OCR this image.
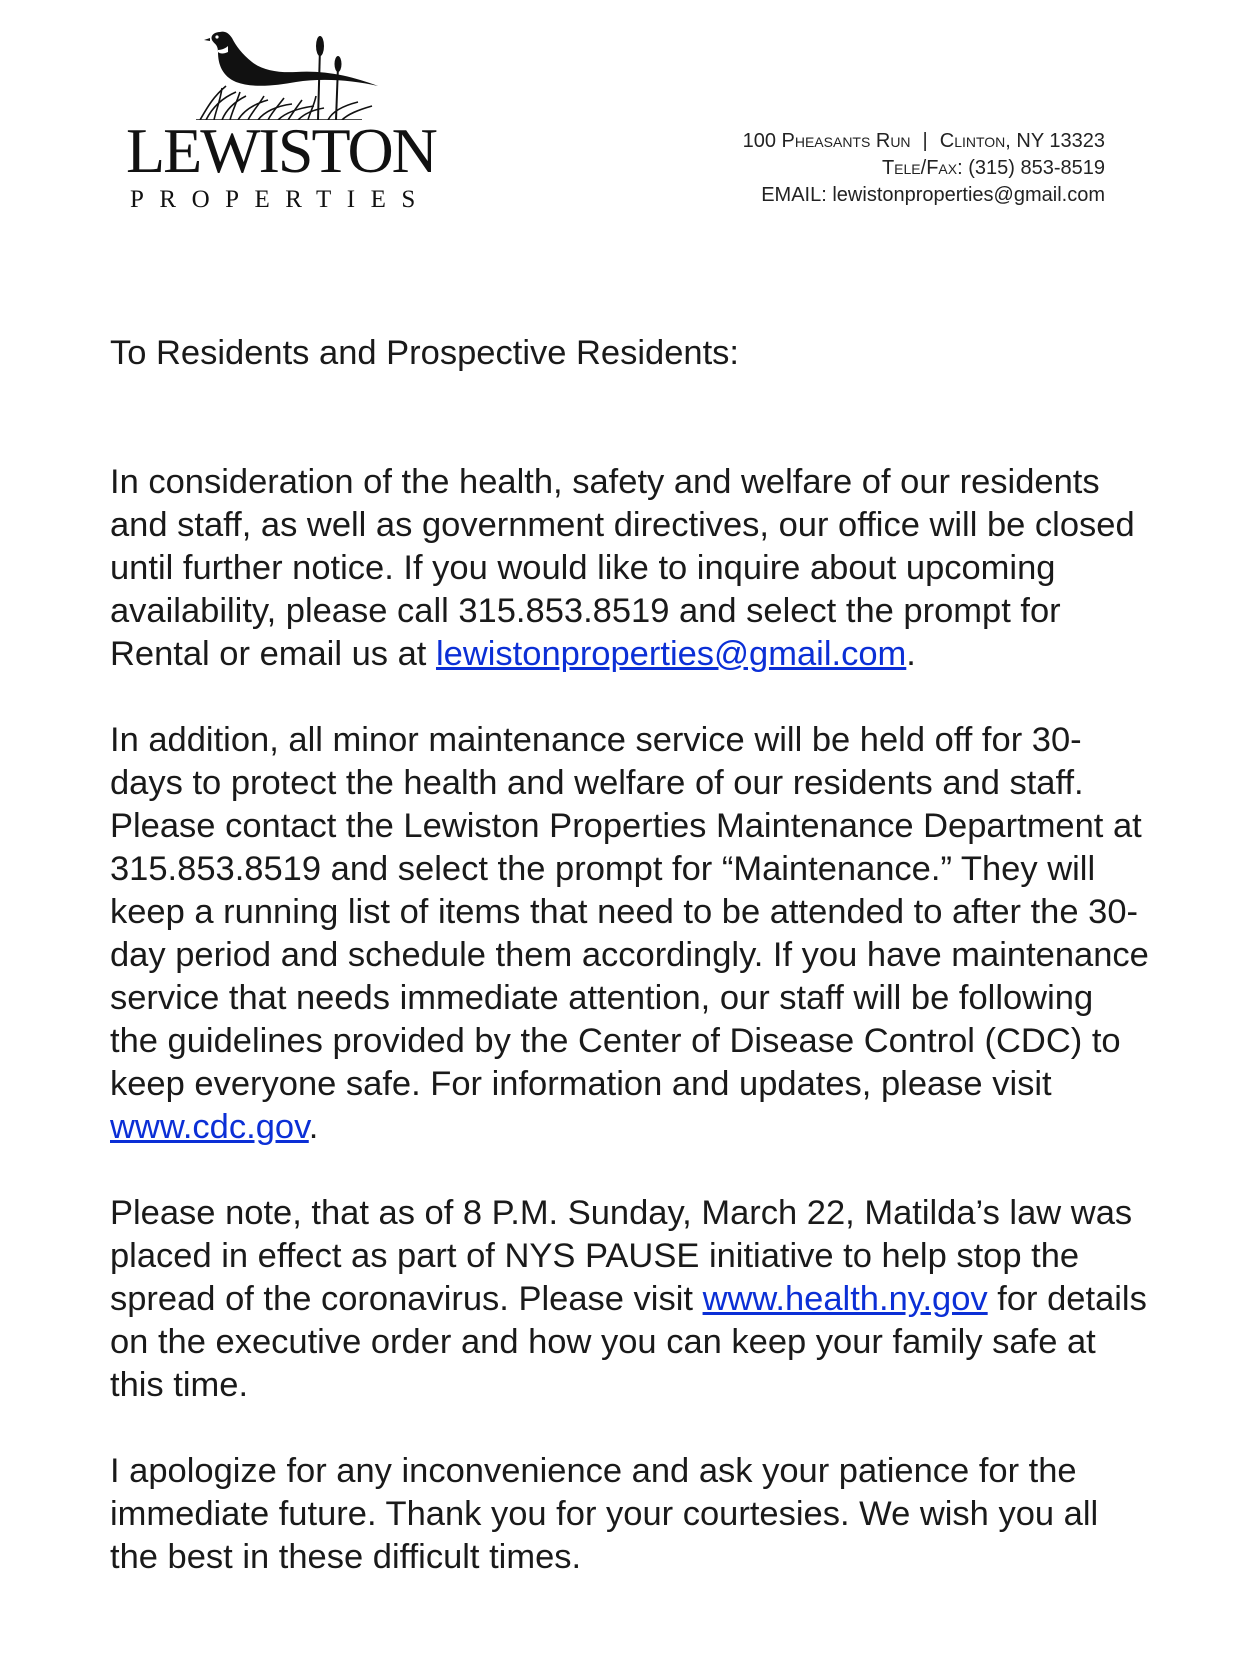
LEWISTON
PROPERTIES
100 Pheasants Run | Clinton, NY 13323
Tele/Fax: (315) 853-8519
EMAIL: lewistonproperties@gmail.com

To Residents and Prospective Residents:

In consideration of the health, safety and welfare of our residents and staff, as well as government directives, our office will be closed until further notice. If you would like to inquire about upcoming availability, please call 315.853.8519 and select the prompt for Rental or email us at lewistonproperties@gmail.com.

In addition, all minor maintenance service will be held off for 30-days to protect the health and welfare of our residents and staff. Please contact the Lewiston Properties Maintenance Department at 315.853.8519 and select the prompt for “Maintenance.” They will keep a running list of items that need to be attended to after the 30-day period and schedule them accordingly. If you have maintenance service that needs immediate attention, our staff will be following the guidelines provided by the Center of Disease Control (CDC) to keep everyone safe. For information and updates, please visit www.cdc.gov.

Please note, that as of 8 P.M. Sunday, March 22, Matilda’s law was placed in effect as part of NYS PAUSE initiative to help stop the spread of the coronavirus. Please visit www.health.ny.gov for details on the executive order and how you can keep your family safe at this time.

I apologize for any inconvenience and ask your patience for the immediate future. Thank you for your courtesies. We wish you all the best in these difficult times.
